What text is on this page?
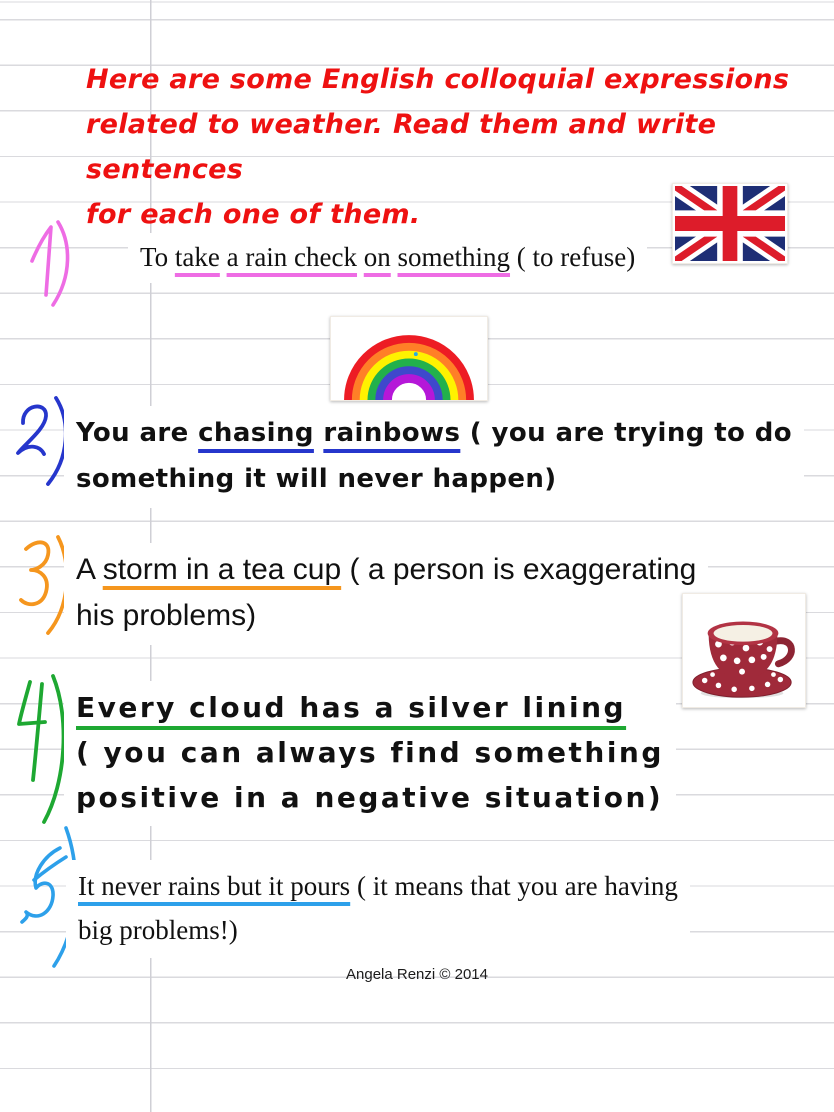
Here are some English colloquial expressions
related to weather. Read them and write sentences
for each one of them.
To take a rain check on something ( to refuse)
You are chasing rainbows ( you are trying to do
something it will never happen)
A storm in a tea cup ( a person is exaggerating
his problems)
Every cloud has a silver lining
( you can always find something
positive in a negative situation)
It never rains but it pours ( it means that you are having
big problems!)
Angela Renzi © 2014
